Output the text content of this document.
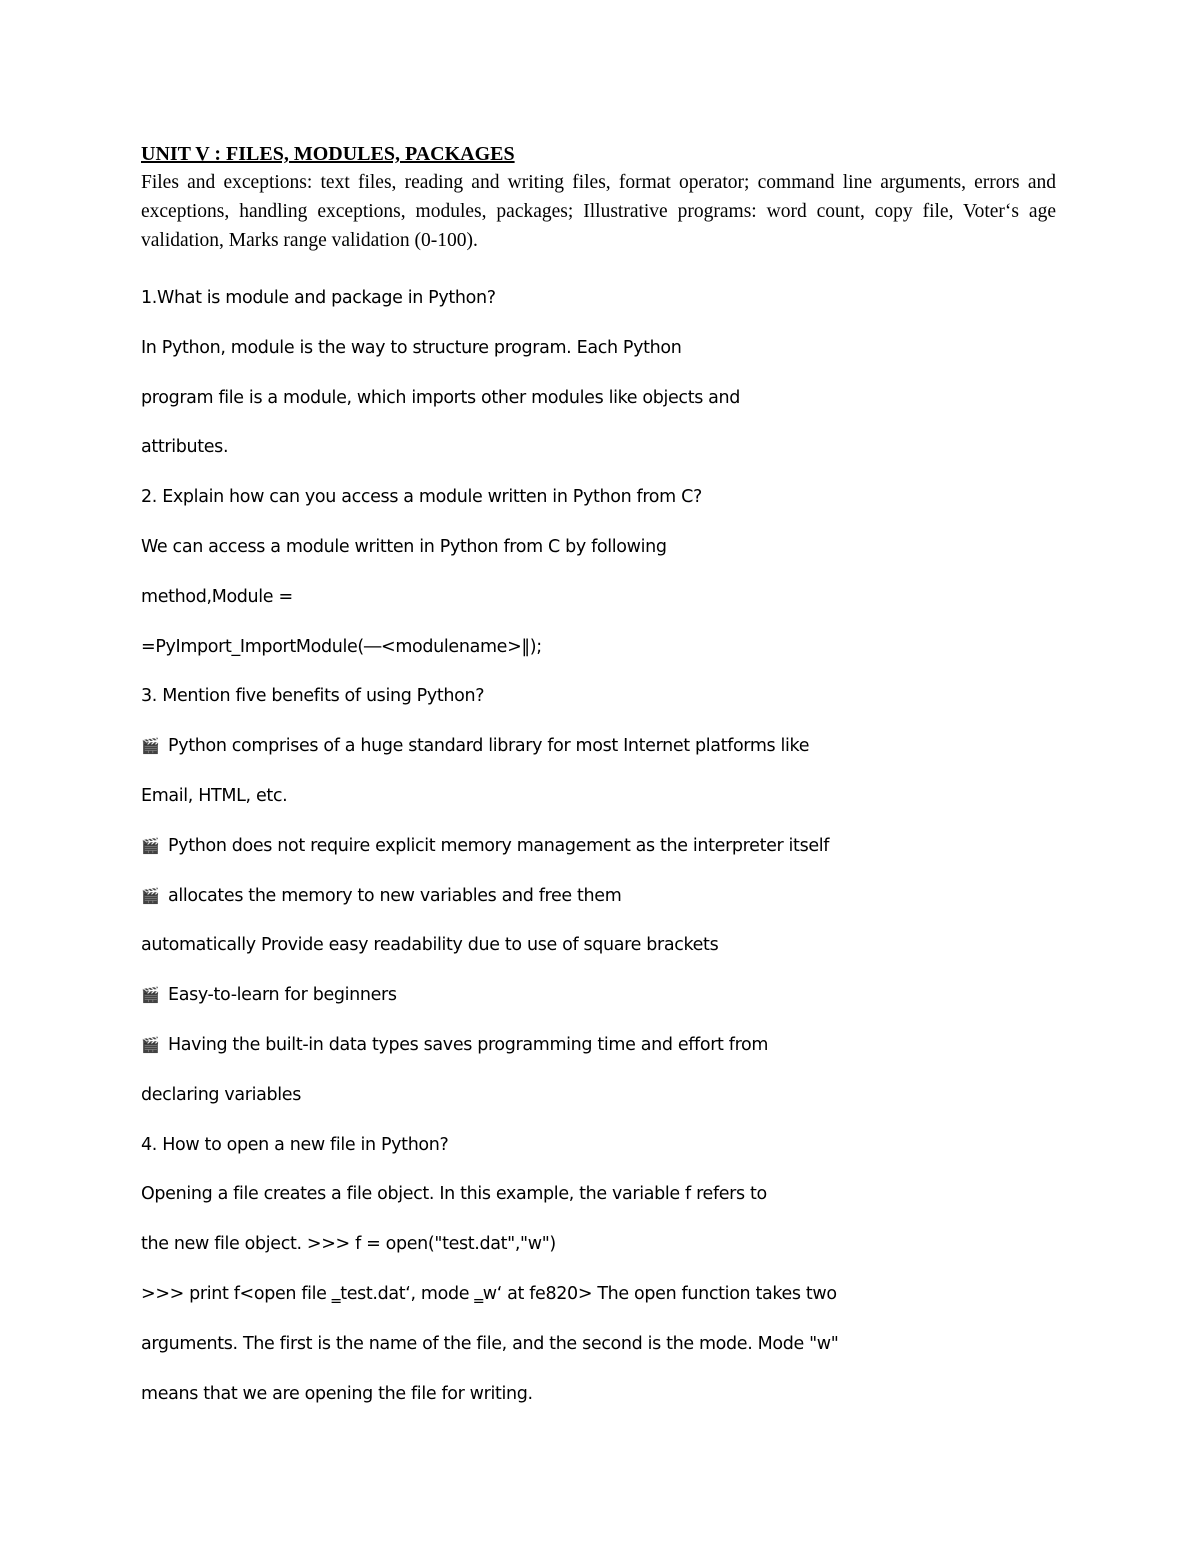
UNIT V : FILES, MODULES, PACKAGES

Files and exceptions: text files, reading and writing files, format operator; command line arguments, errors and exceptions, handling exceptions, modules, packages; Illustrative programs: word count, copy file, Voter‘s age validation, Marks range validation (0-100).

1.What is module and package in Python?
In Python, module is the way to structure program. Each Python
program file is a module, which imports other modules like objects and
attributes.
2. Explain how can you access a module written in Python from C?
We can access a module written in Python from C by following
method,Module =
=PyImport_ImportModule(―<modulename>‖);
3. Mention five benefits of using Python?
🎬 Python comprises of a huge standard library for most Internet platforms like
Email, HTML, etc.
🎬 Python does not require explicit memory management as the interpreter itself
🎬 allocates the memory to new variables and free them
automatically Provide easy readability due to use of square brackets
🎬 Easy-to-learn for beginners
🎬 Having the built-in data types saves programming time and effort from
declaring variables
4. How to open a new file in Python?
Opening a file creates a file object. In this example, the variable f refers to
the new file object. >>> f = open("test.dat","w")
>>> print f<open file ‗test.dat‘, mode ‗w‘ at fe820> The open function takes two
arguments. The first is the name of the file, and the second is the mode. Mode "w"
means that we are opening the file for writing.
